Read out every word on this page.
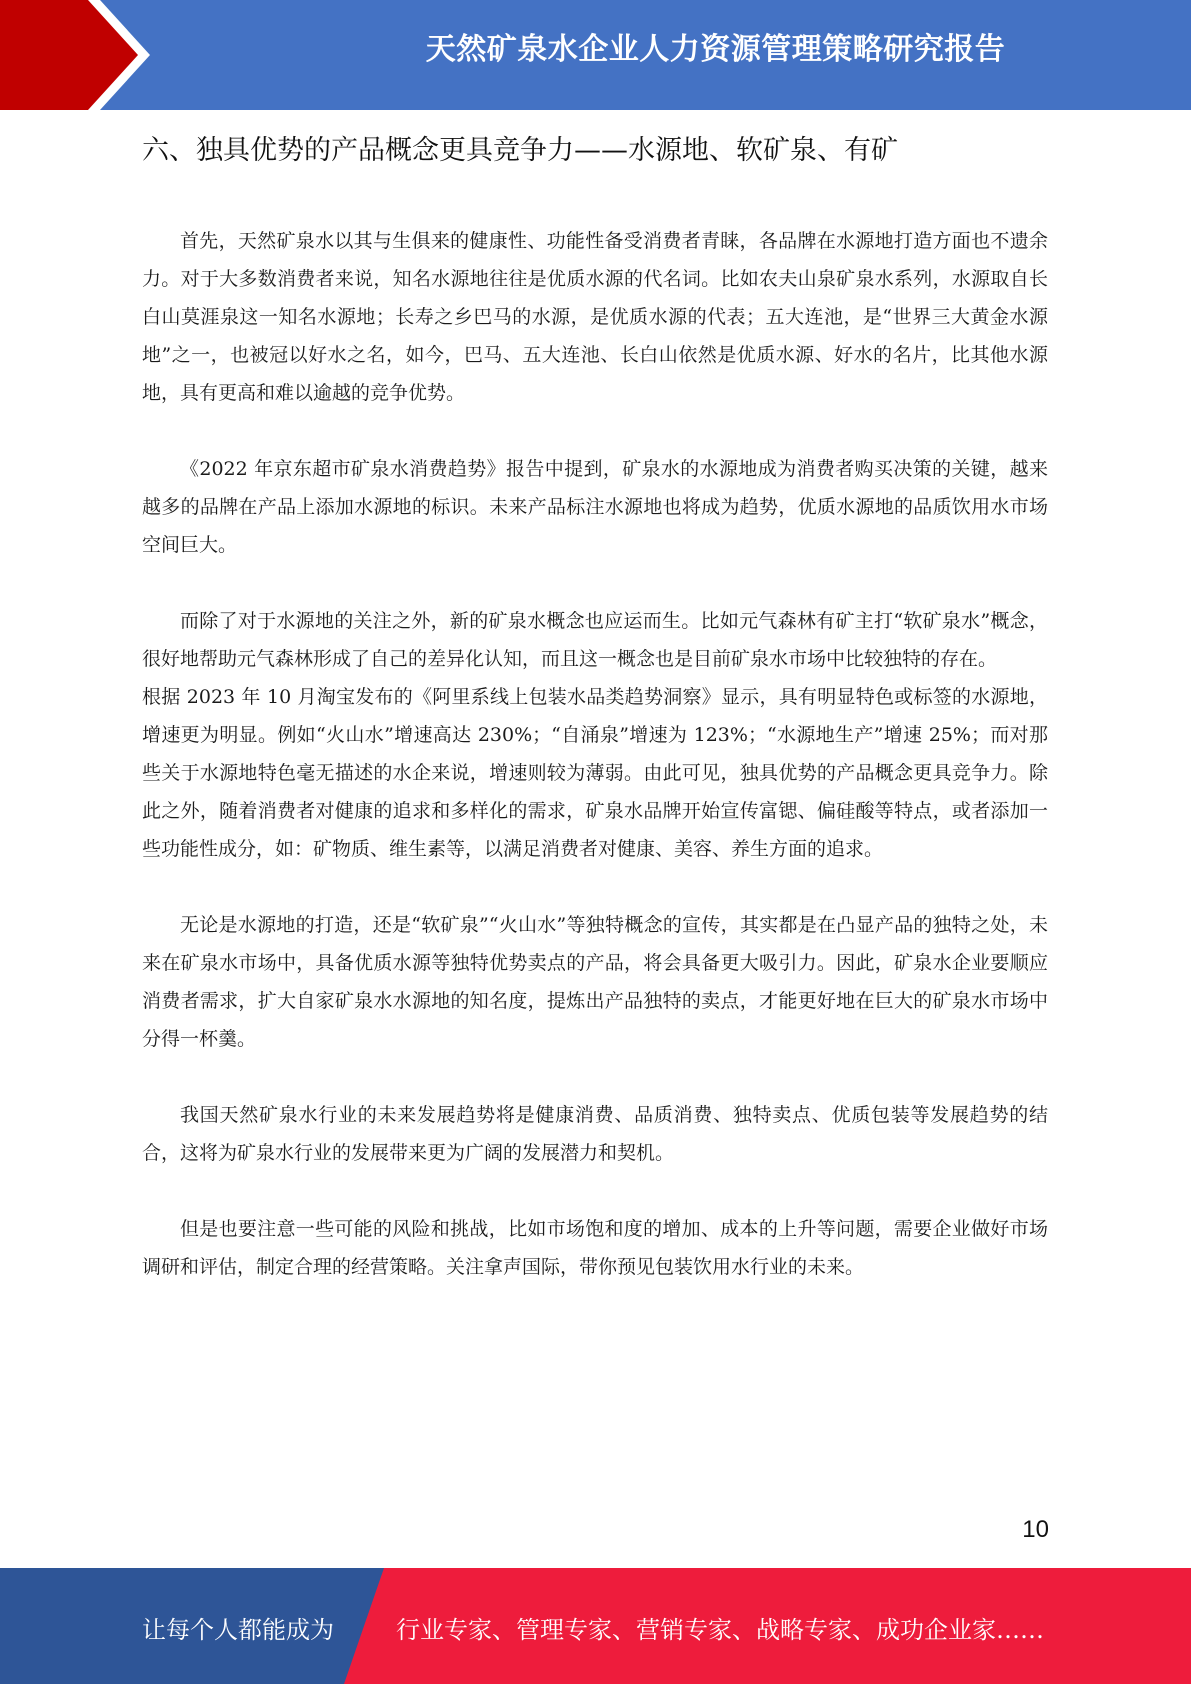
天然矿泉水企业人力资源管理策略研究报告
六、独具优势的产品概念更具竞争力——水源地、软矿泉、有矿

首先，天然矿泉水以其与生俱来的健康性、功能性备受消费者青睐，各品牌在水源地打造方面也不遗余力。对于大多数消费者来说，知名水源地往往是优质水源的代名词。比如农夫山泉矿泉水系列，水源取自长白山莫涯泉这一知名水源地；长寿之乡巴马的水源，是优质水源的代表；五大连池，是“世界三大黄金水源地”之一，也被冠以好水之名，如今，巴马、五大连池、长白山依然是优质水源、好水的名片，比其他水源地，具有更高和难以逾越的竞争优势。

《2022 年京东超市矿泉水消费趋势》报告中提到，矿泉水的水源地成为消费者购买决策的关键，越来越多的品牌在产品上添加水源地的标识。未来产品标注水源地也将成为趋势，优质水源地的品质饮用水市场空间巨大。

而除了对于水源地的关注之外，新的矿泉水概念也应运而生。比如元气森林有矿主打“软矿泉水”概念，很好地帮助元气森林形成了自己的差异化认知，而且这一概念也是目前矿泉水市场中比较独特的存在。

根据 2023 年 10 月淘宝发布的《阿里系线上包装水品类趋势洞察》显示，具有明显特色或标签的水源地，增速更为明显。例如“火山水”增速高达 230%；“自涌泉”增速为 123%；“水源地生产”增速 25%；而对那些关于水源地特色毫无描述的水企来说，增速则较为薄弱。由此可见，独具优势的产品概念更具竞争力。除此之外，随着消费者对健康的追求和多样化的需求，矿泉水品牌开始宣传富锶、偏硅酸等特点，或者添加一些功能性成分，如：矿物质、维生素等，以满足消费者对健康、美容、养生方面的追求。

无论是水源地的打造，还是“软矿泉”“火山水”等独特概念的宣传，其实都是在凸显产品的独特之处，未来在矿泉水市场中，具备优质水源等独特优势卖点的产品，将会具备更大吸引力。因此，矿泉水企业要顺应消费者需求，扩大自家矿泉水水源地的知名度，提炼出产品独特的卖点，才能更好地在巨大的矿泉水市场中分得一杯羹。

我国天然矿泉水行业的未来发展趋势将是健康消费、品质消费、独特卖点、优质包装等发展趋势的结合，这将为矿泉水行业的发展带来更为广阔的发展潜力和契机。

但是也要注意一些可能的风险和挑战，比如市场饱和度的增加、成本的上升等问题，需要企业做好市场调研和评估，制定合理的经营策略。关注拿声国际，带你预见包装饮用水行业的未来。

10
让每个人都能成为	行业专家、管理专家、营销专家、战略专家、成功企业家……
